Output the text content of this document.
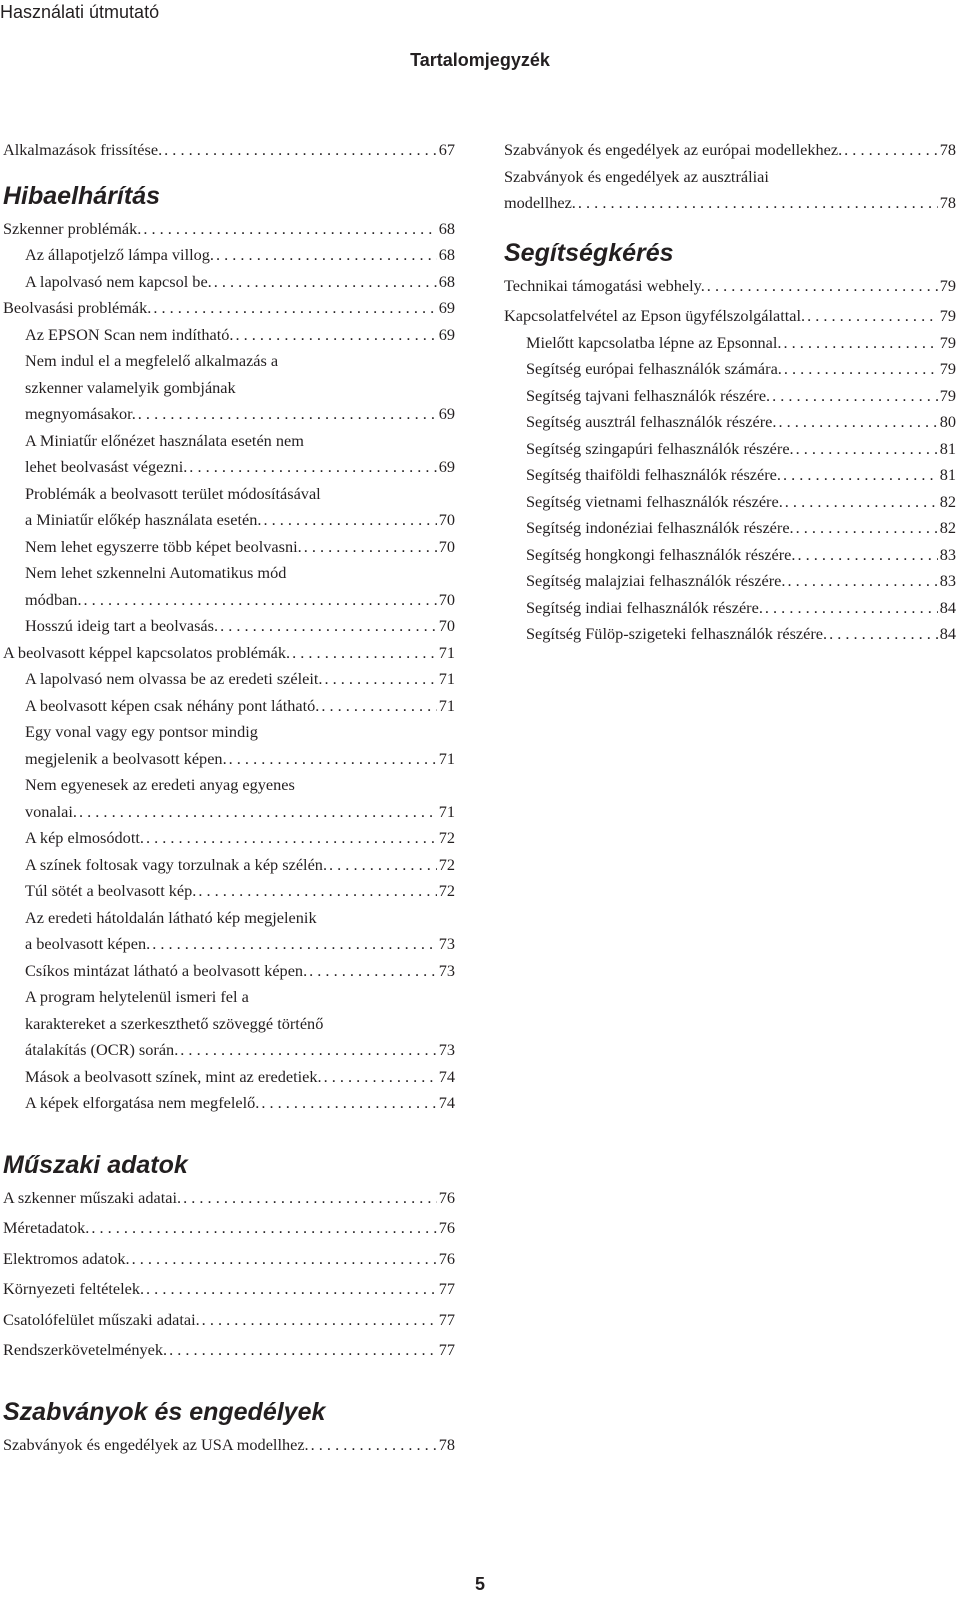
Használati útmutató
Tartalomjegyzék
Alkalmazások frissítése. . . .	67
Hibaelhárítás
Szkenner problémák. . . .	68
Az állapotjelző lámpa villog. . . .	68
A lapolvasó nem kapcsol be. . . .	68
Beolvasási problémák. . . .	69
Az EPSON Scan nem indítható. . . .	69
Nem indul el a megfelelő alkalmazás a
szkenner valamelyik gombjának
megnyomásakor. . . .	69
A Miniatűr előnézet használata esetén nem
lehet beolvasást végezni. . . .	69
Problémák a beolvasott terület módosításával
a Miniatűr előkép használata esetén. . . .	70
Nem lehet egyszerre több képet beolvasni. . . .	70
Nem lehet szkennelni Automatikus mód
módban. . . .	70
Hosszú ideig tart a beolvasás. . . .	70
A beolvasott képpel kapcsolatos problémák. . . .	71
A lapolvasó nem olvassa be az eredeti széleit. . . .	71
A beolvasott képen csak néhány pont látható. . . .	71
Egy vonal vagy egy pontsor mindig
megjelenik a beolvasott képen. . . .	71
Nem egyenesek az eredeti anyag egyenes
vonalai. . . .	71
A kép elmosódott. . . .	72
A színek foltosak vagy torzulnak a kép szélén. . . .	72
Túl sötét a beolvasott kép. . . .	72
Az eredeti hátoldalán látható kép megjelenik
a beolvasott képen. . . .	73
Csíkos mintázat látható a beolvasott képen. . . .	73
A program helytelenül ismeri fel a
karaktereket a szerkeszthető szöveggé történő
átalakítás (OCR) során. . . .	73
Mások a beolvasott színek, mint az eredetiek. . . .	74
A képek elforgatása nem megfelelő. . . .	74
Műszaki adatok
A szkenner műszaki adatai. . . .	76
Méretadatok. . . .	76
Elektromos adatok. . . .	76
Környezeti feltételek. . . .	77
Csatolófelület műszaki adatai. . . .	77
Rendszerkövetelmények. . . .	77
Szabványok és engedélyek
Szabványok és engedélyek az USA modellhez. . . .	78
Szabványok és engedélyek az európai modellekhez. . . .	78
Szabványok és engedélyek az ausztráliai
modellhez. . . .	78
Segítségkérés
Technikai támogatási webhely. . . .	79
Kapcsolatfelvétel az Epson ügyfélszolgálattal. . . .	79
Mielőtt kapcsolatba lépne az Epsonnal. . . .	79
Segítség európai felhasználók számára. . . .	79
Segítség tajvani felhasználók részére. . . .	79
Segítség ausztrál felhasználók részére. . . .	80
Segítség szingapúri felhasználók részére. . . .	81
Segítség thaiföldi felhasználók részére. . . .	81
Segítség vietnami felhasználók részére. . . .	82
Segítség indonéziai felhasználók részére. . . .	82
Segítség hongkongi felhasználók részére. . . .	83
Segítség malajziai felhasználók részére. . . .	83
Segítség indiai felhasználók részére. . . .	84
Segítség Fülöp-szigeteki felhasználók részére. . . .	84
5
